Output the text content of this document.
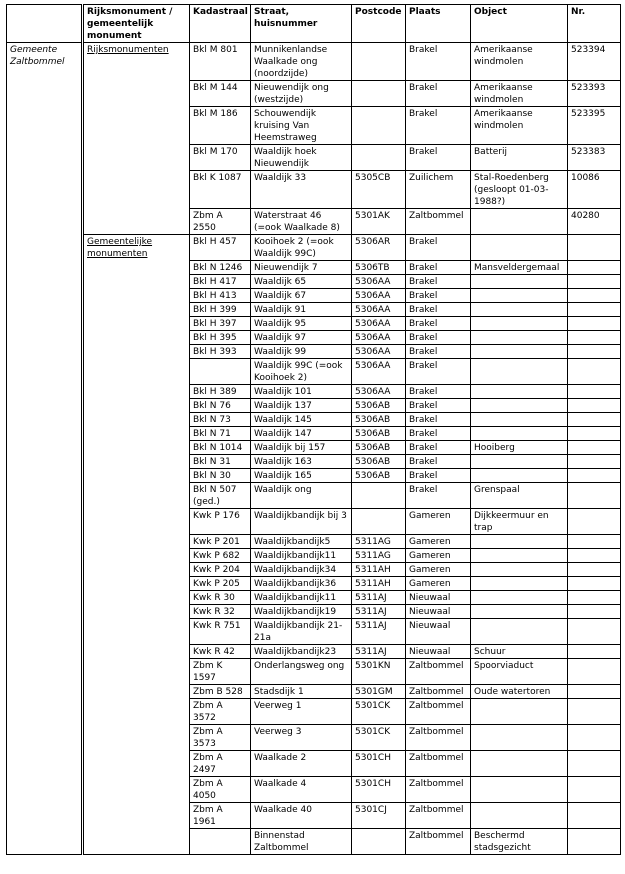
	Rijksmonument / gemeentelijk monument	Kadastraal	Straat, huisnummer	Postcode	Plaats	Object	Nr.
Gemeente Zaltbommel	Rijksmonumenten	Bkl M 801	Munnikenlandse Waalkade ong (noordzijde)		Brakel	Amerikaanse windmolen	523394
		Bkl M 144	Nieuwendijk ong (westzijde)		Brakel	Amerikaanse windmolen	523393
		Bkl M 186	Schouwendijk kruising Van Heemstraweg		Brakel	Amerikaanse windmolen	523395
		Bkl M 170	Waaldijk hoek Nieuwendijk		Brakel	Batterij	523383
		Bkl K 1087	Waaldijk 33	5305CB	Zuilichem	Stal-Roedenberg (gesloopt 01-03-1988?)	10086
		Zbm A 2550	Waterstraat 46 (=ook Waalkade 8)	5301AK	Zaltbommel		40280
	Gemeentelijke monumenten	Bkl H 457	Kooihoek 2 (=ook Waaldijk 99C)	5306AR	Brakel		
		Bkl N 1246	Nieuwendijk 7	5306TB	Brakel	Mansveldergemaal	
		Bkl H 417	Waaldijk 65	5306AA	Brakel		
		Bkl H 413	Waaldijk 67	5306AA	Brakel		
		Bkl H 399	Waaldijk 91	5306AA	Brakel		
		Bkl H 397	Waaldijk 95	5306AA	Brakel		
		Bkl H 395	Waaldijk 97	5306AA	Brakel		
		Bkl H 393	Waaldijk 99	5306AA	Brakel		
			Waaldijk 99C (=ook Kooihoek 2)	5306AA	Brakel		
		Bkl H 389	Waaldijk 101	5306AA	Brakel		
		Bkl N 76	Waaldijk 137	5306AB	Brakel		
		Bkl N 73	Waaldijk 145	5306AB	Brakel		
		Bkl N 71	Waaldijk 147	5306AB	Brakel		
		Bkl N 1014	Waaldijk bij 157	5306AB	Brakel	Hooiberg	
		Bkl N 31	Waaldijk 163	5306AB	Brakel		
		Bkl N 30	Waaldijk 165	5306AB	Brakel		
		Bkl N 507 (ged.)	Waaldijk ong		Brakel	Grenspaal	
		Kwk P 176	Waaldijkbandijk bij 3		Gameren	Dijkkeermuur en trap	
		Kwk P 201	Waaldijkbandijk5	5311AG	Gameren		
		Kwk P 682	Waaldijkbandijk11	5311AG	Gameren		
		Kwk P 204	Waaldijkbandijk34	5311AH	Gameren		
		Kwk P 205	Waaldijkbandijk36	5311AH	Gameren		
		Kwk R 30	Waaldijkbandijk11	5311AJ	Nieuwaal		
		Kwk R 32	Waaldijkbandijk19	5311AJ	Nieuwaal		
		Kwk R 751	Waaldijkbandijk 21-21a	5311AJ	Nieuwaal		
		Kwk R 42	Waaldijkbandijk23	5311AJ	Nieuwaal	Schuur	
		Zbm K 1597	Onderlangsweg ong	5301KN	Zaltbommel	Spoorviaduct	
		Zbm B 528	Stadsdijk 1	5301GM	Zaltbommel	Oude watertoren	
		Zbm A 3572	Veerweg 1	5301CK	Zaltbommel		
		Zbm A 3573	Veerweg 3	5301CK	Zaltbommel		
		Zbm A 2497	Waalkade 2	5301CH	Zaltbommel		
		Zbm A 4050	Waalkade 4	5301CH	Zaltbommel		
		Zbm A 1961	Waalkade 40	5301CJ	Zaltbommel		
			Binnenstad Zaltbommel		Zaltbommel	Beschermd stadsgezicht	
